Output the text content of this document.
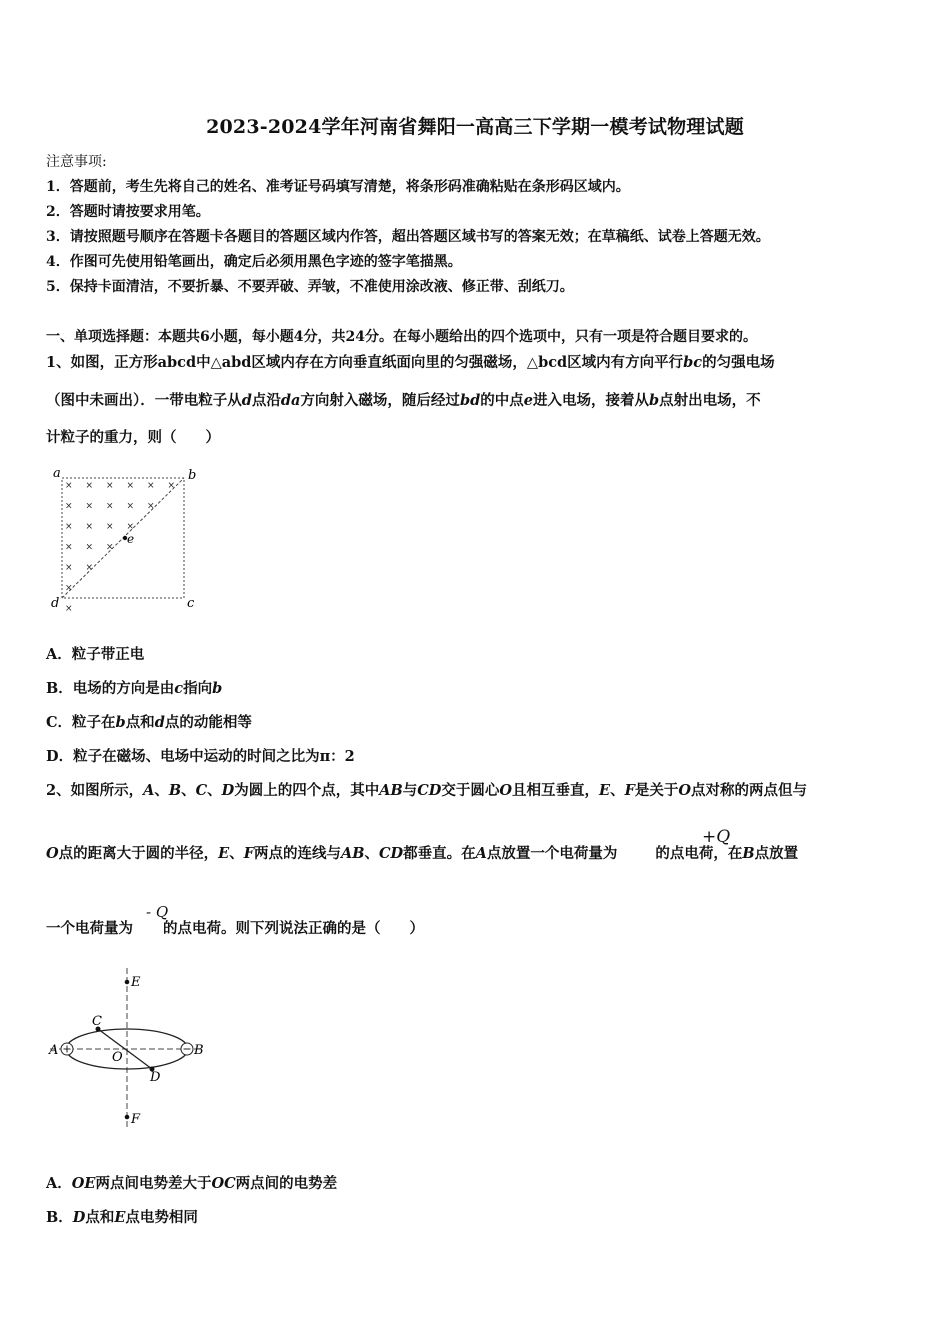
2023-2024学年河南省舞阳一高高三下学期一模考试物理试题
注意事项:
1．答题前，考生先将自己的姓名、准考证号码填写清楚，将条形码准确粘贴在条形码区域内。
2．答题时请按要求用笔。
3．请按照题号顺序在答题卡各题目的答题区域内作答，超出答题区域书写的答案无效；在草稿纸、试卷上答题无效。
4．作图可先使用铅笔画出，确定后必须用黑色字迹的签字笔描黑。
5．保持卡面清洁，不要折暴、不要弄破、弄皱，不准使用涂改液、修正带、刮纸刀。
一、单项选择题：本题共6小题，每小题4分，共24分。在每小题给出的四个选项中，只有一项是符合题目要求的。
1、如图，正方形abcd中△abd区域内存在方向垂直纸面向里的匀强磁场，△bcd区域内有方向平行bc的匀强电场
（图中未画出）．一带电粒子从d点沿da方向射入磁场，随后经过bd的中点e进入电场，接着从b点射出电场，不
计粒子的重力，则（　　）
× × × × × ×
× × × × ×
× × × ×
× × ×
× ×
×
×
a	b
c
d
e
A．粒子带正电
B．电场的方向是由c指向b
C．粒子在b点和d点的动能相等
D．粒子在磁场、电场中运动的时间之比为π：2
2、如图所示，A、B、C、D为圆上的四个点，其中AB与CD交于圆心O且相互垂直，E、F是关于O点对称的两点但与
O点的距离大于圆的半径，E、F两点的连线与AB、CD都垂直。在A点放置一个电荷量为	的点电荷，在B点放置
+Q
一个电荷量为 的点电荷。则下列说法正确的是（　　）
- Q
A	B
C
D
E
F
O
A．OE两点间电势差大于OC两点间的电势差
B．D点和E点电势相同
